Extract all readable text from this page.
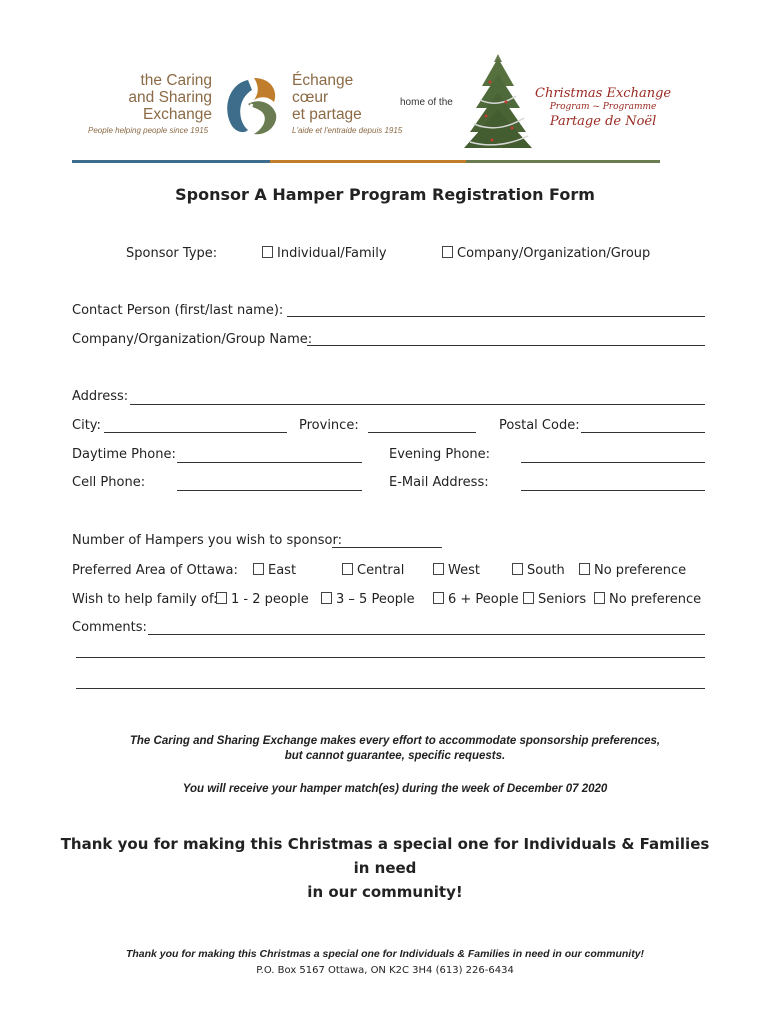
the Caring
and Sharing
Exchange
People helping people since 1915
Échange
cœur
et partage
L'aide et l'entraide depuis 1915
home of the
Christmas Exchange
Program ~ Programme
Partage de Noël
Sponsor A Hamper Program Registration Form
Sponsor Type:	Individual/Family	Company/Organization/Group
Contact Person (first/last name):
Company/Organization/Group Name:
Address:
City:	Province:	Postal Code:
Daytime Phone:	Evening Phone:
Cell Phone:	E-Mail Address:
Number of Hampers you wish to sponsor:
Preferred Area of Ottawa:	East	Central	West	South	No preference
Wish to help family of:	1 - 2 people	3 – 5 People	6 + People	Seniors	No preference
Comments:
The Caring and Sharing Exchange makes every effort to accommodate sponsorship preferences,
but cannot guarantee, specific requests.
You will receive your hamper match(es) during the week of December 07 2020
Thank you for making this Christmas a special one for Individuals & Families in need
in our community!
Thank you for making this Christmas a special one for Individuals & Families in need in our community!
P.O. Box 5167 Ottawa, ON K2C 3H4 (613) 226-6434
